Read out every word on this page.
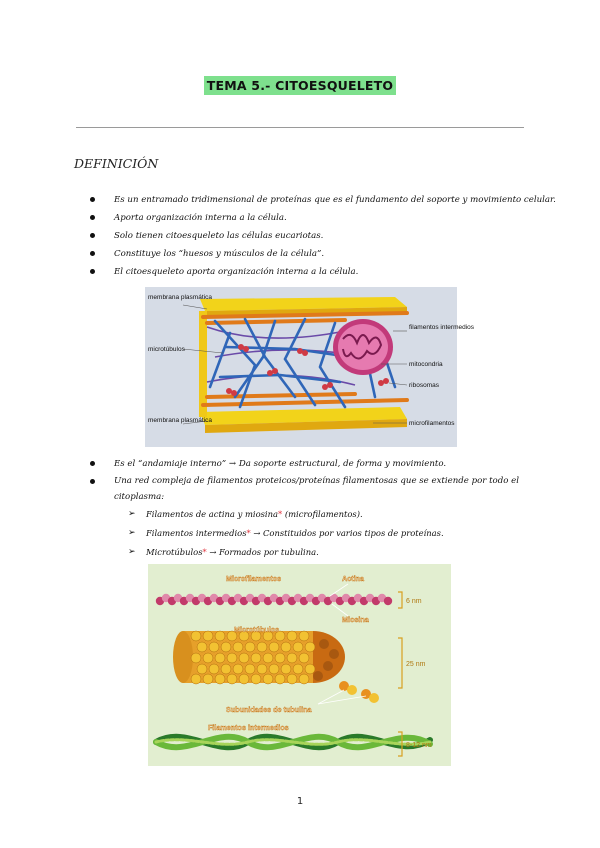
TEMA 5.- CITOESQUELETO
DEFINICIÓN
Es un entramado tridimensional de proteínas que es el fundamento del soporte y movimiento celular.
Aporta organización interna a la célula.
Solo tienen citoesqueleto las células eucariotas.
Constituye los “huesos y músculos de la célula”.
El citoesqueleto aporta organización interna a la célula.
membrana plasmática
microtúbulos
membrana plasmática
filamentos intermedios
mitocondria
ribosomas
microfilamentos
Es el “andamiaje interno” → Da soporte estructural, de forma y movimiento.
Una red compleja de filamentos proteicos/proteínas filamentosas que se extiende por todo el citoplasma:
➢ Filamentos de actina y miosina* (microfilamentos).
➢ Filamentos intermedios* → Constituidos por varios tipos de proteínas.
➢ Microtúbulos* → Formados por tubulina.
Microfilamentos	Actina
Miosina
Microtúbulos
Subunidades de tubulina
Filamentos intermedios
6 nm
25 nm
8-12 nm
1
